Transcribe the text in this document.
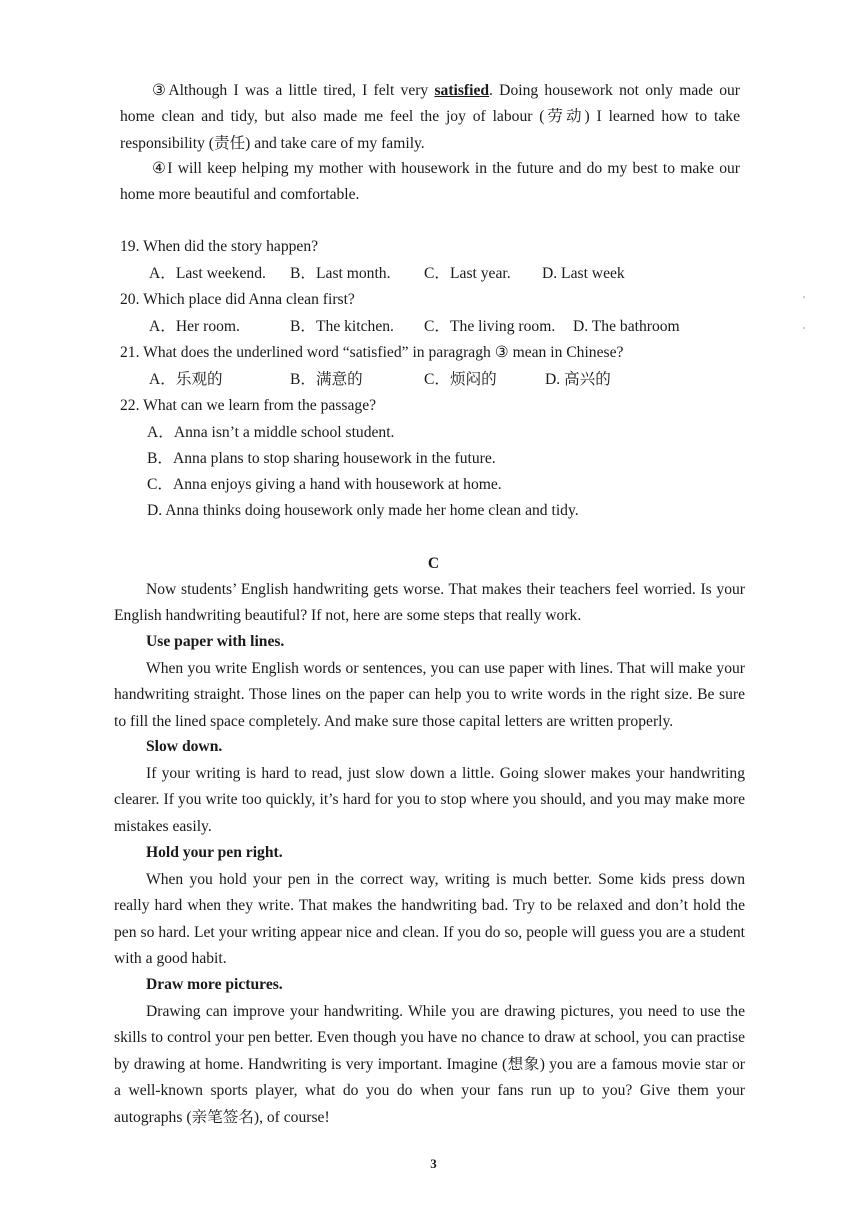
③Although I was a little tired, I felt very satisfied. Doing housework not only made our home clean and tidy, but also made me feel the joy of labour (劳动) I learned how to take responsibility (责任) and take care of my family.
④I will keep helping my mother with housework in the future and do my best to make our home more beautiful and comfortable.
19. When did the story happen?
A．Last weekend. B．Last month. C．Last year. D. Last week
20. Which place did Anna clean first?
A．Her room.	B．The kitchen. C．The living room. D. The bathroom
21. What does the underlined word “satisfied” in paragragh ③ mean in Chinese?
A．乐观的	B．满意的	C．烦闷的	D. 高兴的
22. What can we learn from the passage?
A．Anna isn’t a middle school student.
B．Anna plans to stop sharing housework in the future.
C．Anna enjoys giving a hand with housework at home.
D. Anna thinks doing housework only made her home clean and tidy.
C
Now students’ English handwriting gets worse. That makes their teachers feel worried. Is your English handwriting beautiful? If not, here are some steps that really work.
Use paper with lines.
When you write English words or sentences, you can use paper with lines. That will make your handwriting straight. Those lines on the paper can help you to write words in the right size. Be sure to fill the lined space completely. And make sure those capital letters are written properly.
Slow down.
If your writing is hard to read, just slow down a little. Going slower makes your handwriting clearer. If you write too quickly, it’s hard for you to stop where you should, and you may make more mistakes easily.
Hold your pen right.
When you hold your pen in the correct way, writing is much better. Some kids press down really hard when they write. That makes the handwriting bad. Try to be relaxed and don’t hold the pen so hard. Let your writing appear nice and clean. If you do so, people will guess you are a student with a good habit.
Draw more pictures.
Drawing can improve your handwriting. While you are drawing pictures, you need to use the skills to control your pen better. Even though you have no chance to draw at school, you can practise by drawing at home. Handwriting is very important. Imagine (想象) you are a famous movie star or a well-known sports player, what do you do when your fans run up to you? Give them your autographs (亲笔签名), of course!
3
